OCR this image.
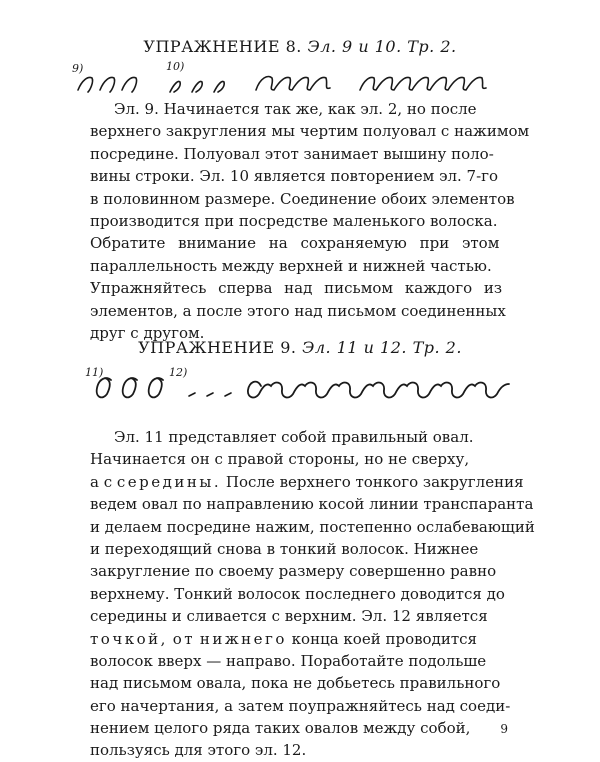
УПРАЖНЕНИЕ 8. Эл. 9 и 10. Тр. 2.
9)	10)
Эл. 9. Начинается так же, как эл. 2, но после
верхнего закругления мы чертим полуовал с нажимом
посредине. Полуовал этот занимает вышину поло-
вины строки. Эл. 10 является повторением эл. 7-го
в половинном размере. Соединение обоих элементов
производится при посредстве маленького волоска.
Обратите внимание на сохраняемую при этом
параллельность между верхней и нижней частью.
Упражняйтесь сперва над письмом каждого из
элементов, а после этого над письмом соединенных
друг с другом.
УПРАЖНЕНИЕ 9. Эл. 11 и 12. Тр. 2.
11)	12)
Эл. 11 представляет собой правильный овал.
Начинается он с правой стороны, но не сверху,
а с середины. После верхнего тонкого закругления
ведем овал по направлению косой линии транспаранта
и делаем посредине нажим, постепенно ослабевающий
и переходящий снова в тонкий волосок. Нижнее
закругление по своему размеру совершенно равно
верхнему. Тонкий волосок последнего доводится до
середины и сливается с верхним. Эл. 12 является
точкой, от нижнего конца коей проводится
волосок вверх — направо. Поработайте подольше
над письмом овала, пока не добьетесь правильного
его начертания, а затем поупражняйтесь над соеди-
нением целого ряда таких овалов между собой,
пользуясь для этого эл. 12.
9
